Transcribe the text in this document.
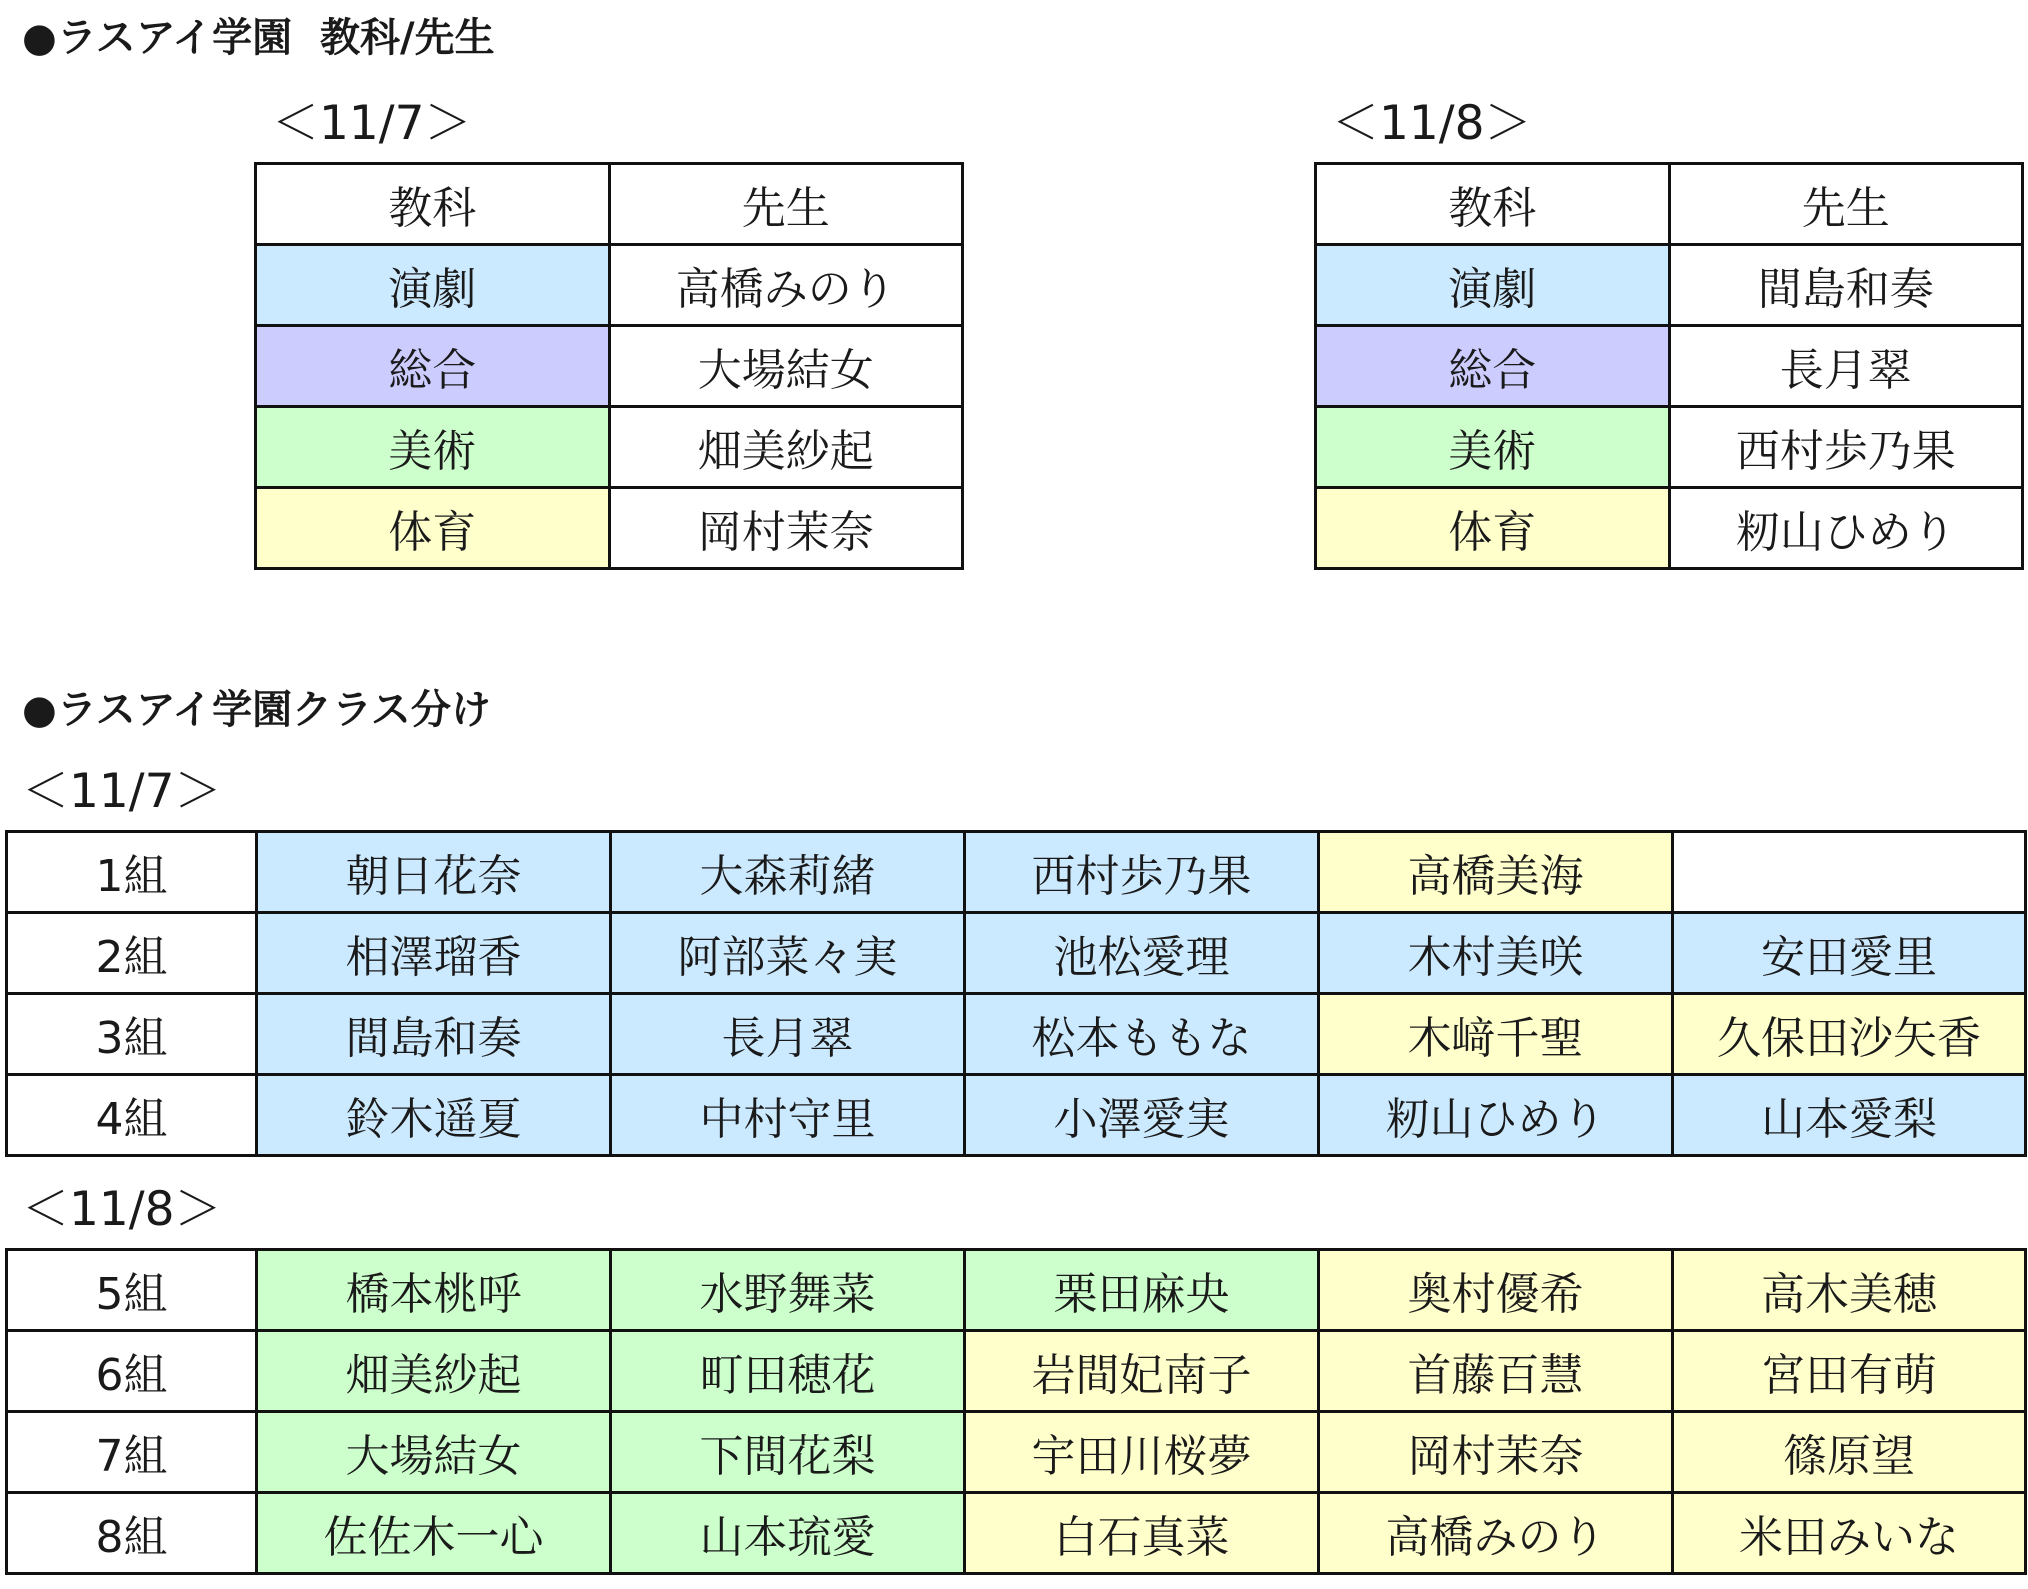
●ラスアイ学園  教科/先生
＜11/7＞
教科	先生
演劇	高橋みのり
総合	大場結女
美術	畑美紗起
体育	岡村茉奈
＜11/8＞
教科	先生
演劇	間島和奏
総合	長月翠
美術	西村歩乃果
体育	籾山ひめり
●ラスアイ学園クラス分け
＜11/7＞
1組	朝日花奈	大森莉緒	西村歩乃果	高橋美海	
2組	相澤瑠香	阿部菜々実	池松愛理	木村美咲	安田愛里
3組	間島和奏	長月翠	松本ももな	木﨑千聖	久保田沙矢香
4組	鈴木遥夏	中村守里	小澤愛実	籾山ひめり	山本愛梨
＜11/8＞
5組	橋本桃呼	水野舞菜	栗田麻央	奥村優希	高木美穂
6組	畑美紗起	町田穂花	岩間妃南子	首藤百慧	宮田有萌
7組	大場結女	下間花梨	宇田川桜夢	岡村茉奈	篠原望
8組	佐佐木一心	山本琉愛	白石真菜	高橋みのり	米田みいな
